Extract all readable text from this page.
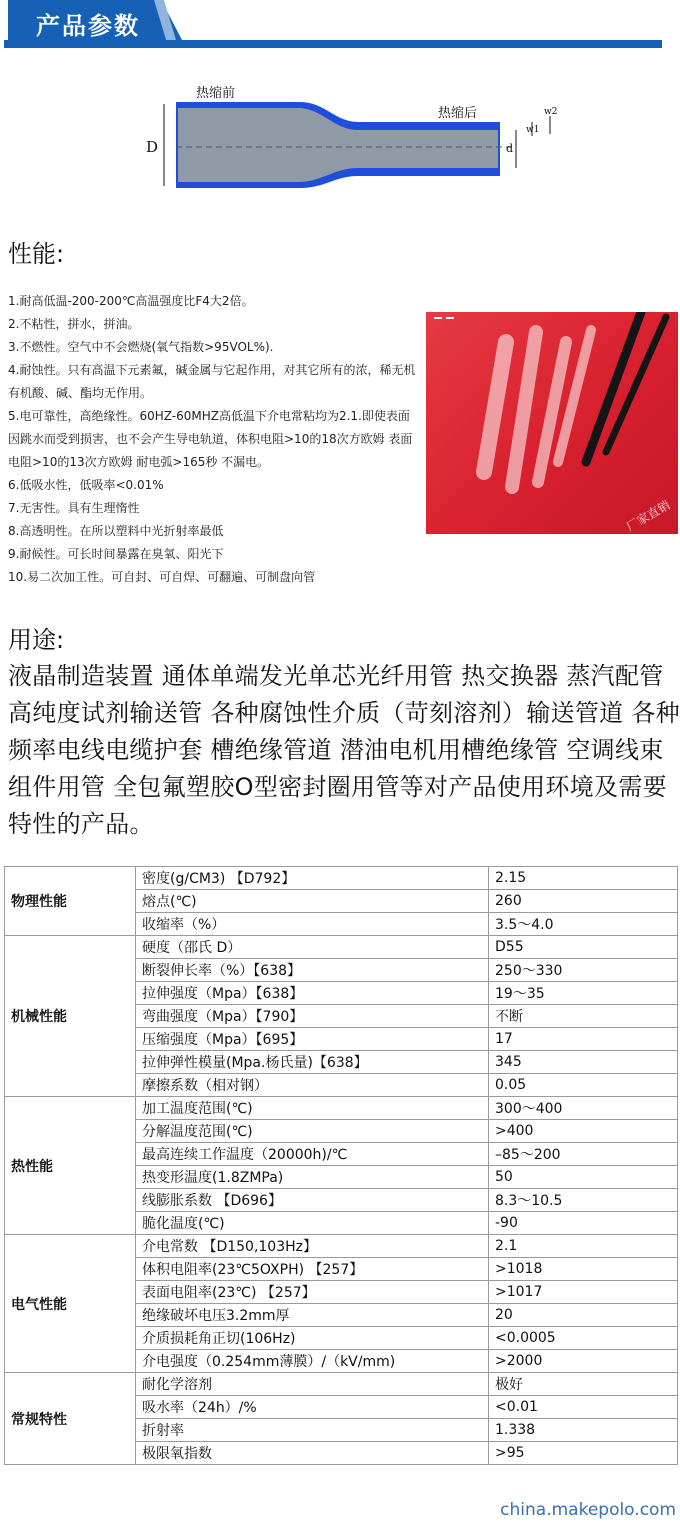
产品参数
热缩前
热缩后
D	d
w1
w2
性能:
1.耐高低温-200-200℃高温强度比F4大2倍。
2.不粘性，拼水，拼油。
3.不燃性。空气中不会燃烧(氧气指数>95VOL%).
4.耐蚀性。只有高温下元素氟，碱金属与它起作用，对其它所有的浓，稀无机有机酸、碱、酯均无作用。
5.电可靠性，高绝缘性。60HZ-60MHZ高低温下介电常粘均为2.1.即使表面因跳水而受到损害，也不会产生导电轨道，体积电阻>10的18次方欧姆 表面电阻>10的13次方欧姆 耐电弧>165秒 不漏电。
6.低吸水性，低吸率<0.01%
7.无害性。具有生理惰性
8.高透明性。在所以塑料中光折射率最低
9.耐候性。可长时间暴露在臭氧、阳光下
10.易二次加工性。可自封、可自焊、可翻遍、可制盘向管
厂家直销
用途:
液晶制造装置 通体单端发光单芯光纤用管 热交换器 蒸汽配管高纯度试剂输送管 各种腐蚀性介质（苛刻溶剂）输送管道 各种频率电线电缆护套 槽绝缘管道 潜油电机用槽绝缘管 空调线束组件用管 全包氟塑胶O型密封圈用管等对产品使用环境及需要特性的产品。
物理性能	密度(g/CM3) 【D792】	2.15
	熔点(℃)	260
	收缩率（%）	3.5～4.0
机械性能	硬度（邵氏 D）	D55
	断裂伸长率（%）【638】	250～330
	拉伸强度（Mpa）【638】	19～35
	弯曲强度（Mpa）【790】	不断
	压缩强度（Mpa）【695】	17
	拉伸弹性模量(Mpa.杨氏量)【638】	345
	摩擦系数（相对钢）	0.05
热性能	加工温度范围(℃)	300～400
	分解温度范围(℃)	>400
	最高连续工作温度（20000h)/℃	–85～200
	热变形温度(1.8ZMPa)	50
	线膨胀系数 【D696】	8.3～10.5
	脆化温度(℃)	-90
电气性能	介电常数 【D150,103Hz】	2.1
	体积电阻率(23℃5OXPH) 【257】	>1018
	表面电阻率(23℃) 【257】	>1017
	绝缘破坏电压3.2mm厚	20
	介质损耗角正切(106Hz)	<0.0005
	介电强度（0.254mm薄膜）/（kV/mm)	>2000
常规特性	耐化学溶剂	极好
	吸水率（24h）/%	<0.01
	折射率	1.338
	极限氧指数	>95
china.makepolo.com
